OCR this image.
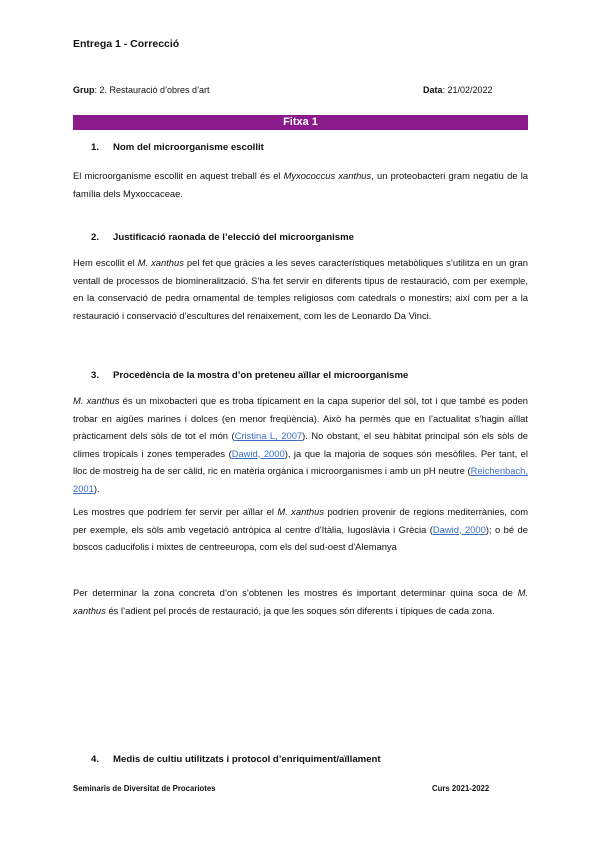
Entrega 1 - Correcció
Grup: 2. Restauració d’obres d’art	Data: 21/02/2022
Fitxa 1
1. Nom del microorganisme escollit
El microorganisme escollit en aquest treball és el Myxococcus xanthus, un proteobacteri gram negatiu de la família dels Myxoccaceae.
2. Justificació raonada de l’elecció del microorganisme
Hem escollit el M. xanthus pel fet que gràcies a les seves característiques metabòliques s’utilitza en un gran ventall de processos de biomineralització. S’ha fet servir en diferents tipus de restauració, com per exemple, en la conservació de pedra ornamental de temples religiosos com catedrals o monestirs; així com per a la restauració i conservació d’escultures del renaixement, com les de Leonardo Da Vinci.
3. Procedència de la mostra d’on preteneu aïllar el microorganisme
M. xanthus és un mixobacteri que es troba típicament en la capa superior del sòl, tot i que també es poden trobar en aigües marines i dolces (en menor freqüència). Això ha permès que en l’actualitat s’hagin aïllat pràcticament dels sòls de tot el món (Cristina L, 2007). No obstant, el seu hàbitat principal són els sòls de climes tropicals i zones temperades (Dawid, 2000), ja que la majoria de soques són mesòfiles. Per tant, el lloc de mostreig ha de ser càlid, ric en matèria orgànica i microorganismes i amb un pH neutre (Reichenbach, 2001).
Les mostres que podríem fer servir per aïllar el M. xanthus podrien provenir de regions mediterrànies, com per exemple, els sòls amb vegetació antròpica al centre d'Itàlia, Iugoslàvia i Grècia (Dawid, 2000); o bé de boscos caducifolis i mixtes de centreeuropa, com els del sud-oest d'Alemanya
Per determinar la zona concreta d’on s’obtenen les mostres és important determinar quina soca de M. xanthus és l’adient pel procés de restauració, ja que les soques són diferents i típiques de cada zona.
4. Medis de cultiu utilitzats i protocol d’enriquiment/aïllament
Seminaris de Diversitat de Procariotes	Curs 2021-2022
